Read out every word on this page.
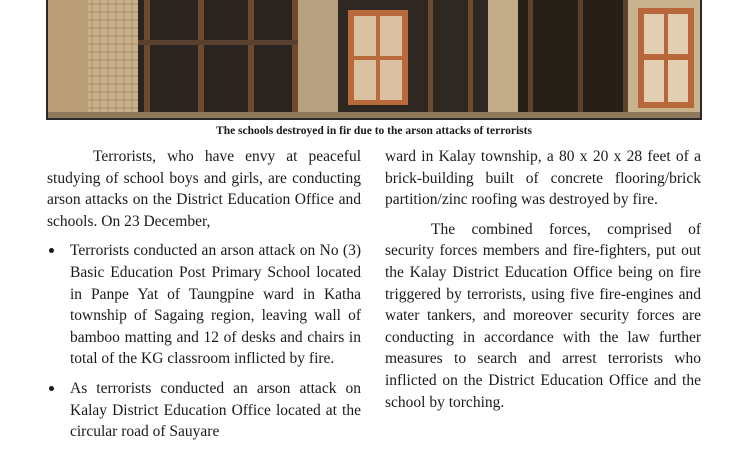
The schools destroyed in fir due to the arson attacks of terrorists

Terrorists, who have envy at peaceful studying of school boys and girls, are conducting arson attacks on the District Education Office and schools. On 23 December,

Terrorists conducted an arson attack on No (3) Basic Education Post Primary School located in Panpe Yat of Taungpine ward in Katha township of Sagaing region, leaving wall of bamboo matting and 12 of desks and chairs in total of the KG classroom inflicted by fire.
As terrorists conducted an arson attack on Kalay District Education Office located at the circular road of Sauyare

ward in Kalay township, a 80 x 20 x 28 feet of a brick-building built of concrete flooring/brick partition/zinc roofing was destroyed by fire.

The combined forces, comprised of security forces members and fire-fighters, put out the Kalay District Education Office being on fire triggered by terrorists, using five fire-engines and water tankers, and moreover security forces are conducting in accordance with the law further measures to search and arrest terrorists who inflicted on the District Education Office and the school by torching.
